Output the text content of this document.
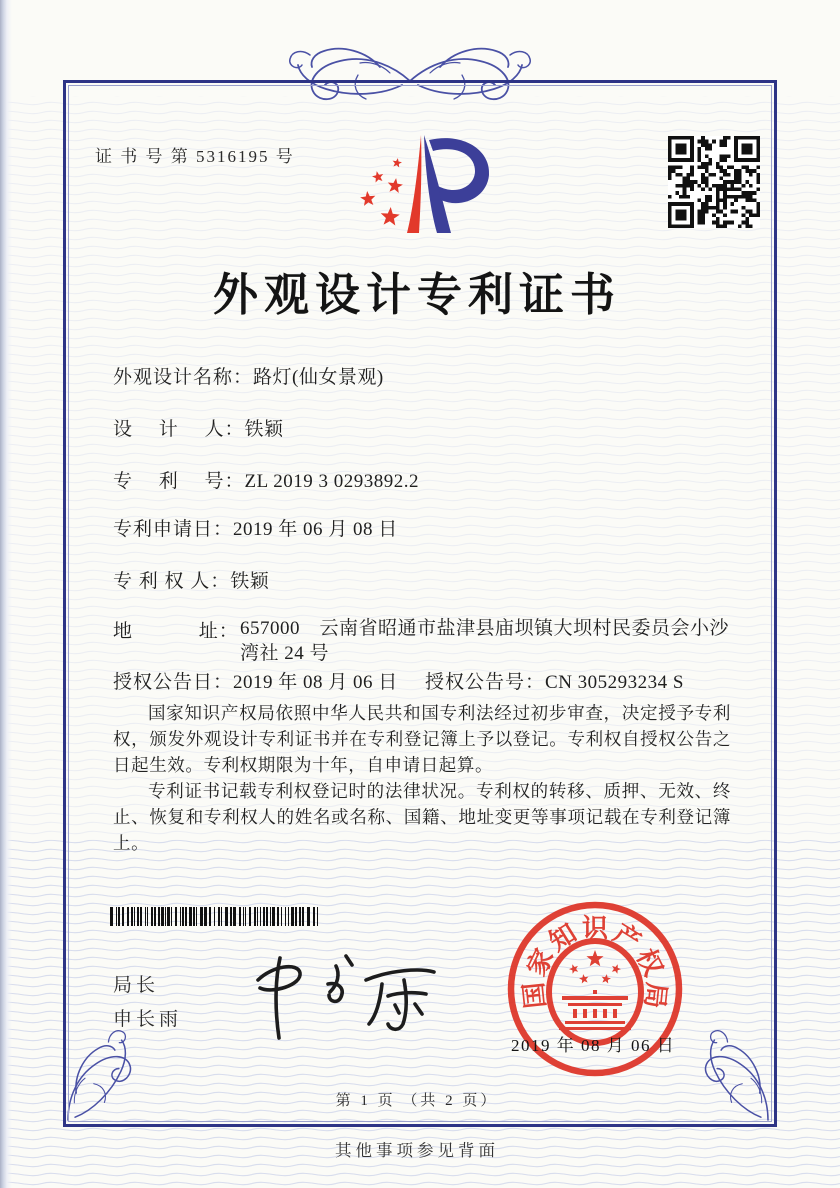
证 书 号 第 5316195 号
外观设计专利证书
外观设计名称：路灯(仙女景观)
设　 计 　人：铁颖
专　 利 　号：ZL 2019 3 0293892.2
专利申请日：2019 年 06 月 08 日
专 利 权 人：铁颖
地　　　 址： 657000　云南省昭通市盐津县庙坝镇大坝村民委员会小沙湾社 24 号
授权公告日：2019 年 08 月 06 日 授权公告号：CN 305293234 S

国家知识产权局依照中华人民共和国专利法经过初步审查，决定授予专利权，颁发外观设计专利证书并在专利登记簿上予以登记。专利权自授权公告之日起生效。专利权期限为十年，自申请日起算。

专利证书记载专利权登记时的法律状况。专利权的转移、质押、无效、终止、恢复和专利权人的姓名或名称、国籍、地址变更等事项记载在专利登记簿上。

局长
申长雨
国
家
知 识 产
权
局
2019 年 08 月 06 日
第 1 页 （共 2 页）
其他事项参见背面
